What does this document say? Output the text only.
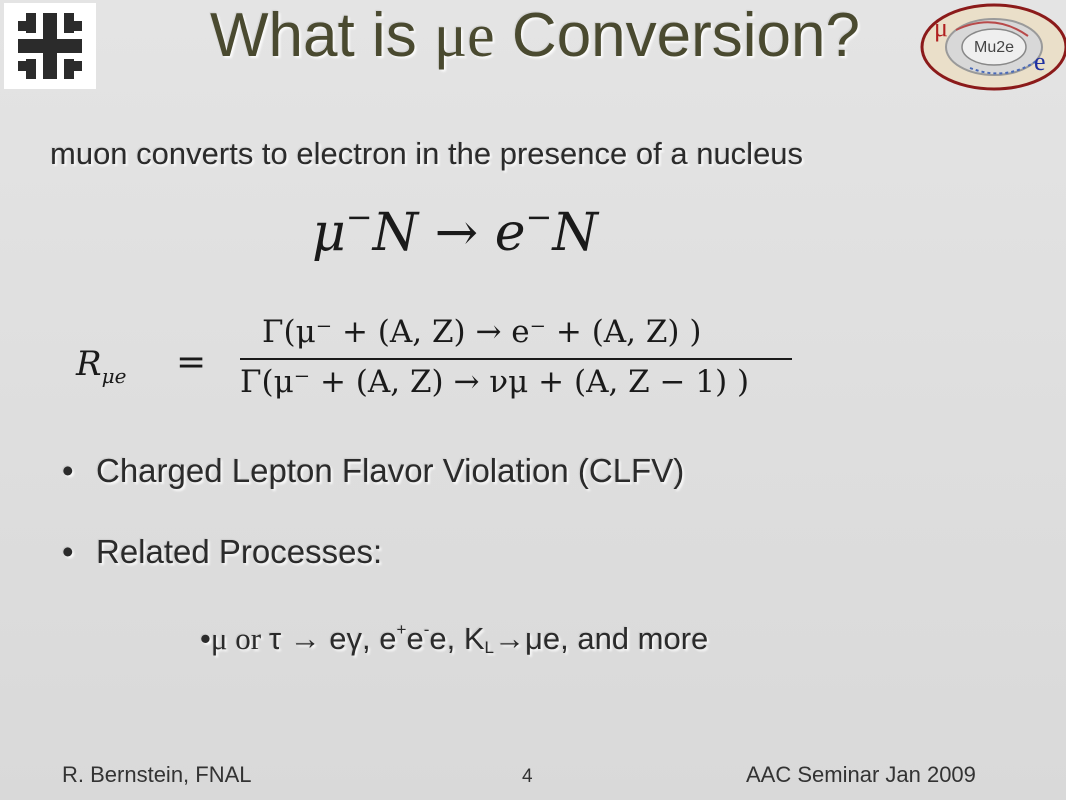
μ
Mu2e e
What is μe Conversion?
muon converts to electron in the presence of a nucleus
μ−N → e−N
$R_{\mu e}$ =
Γ(μ⁻ + (A, Z) → e⁻ + (A, Z) )
Γ(μ⁻ + (A, Z) → νμ + (A, Z − 1) )
• Charged Lepton Flavor Violation (CLFV)
• Related Processes:
•μ or τ → eγ, e+e-e, $K_L\to\mu e$, and more
R. Bernstein, FNAL	4	AAC Seminar Jan 2009
